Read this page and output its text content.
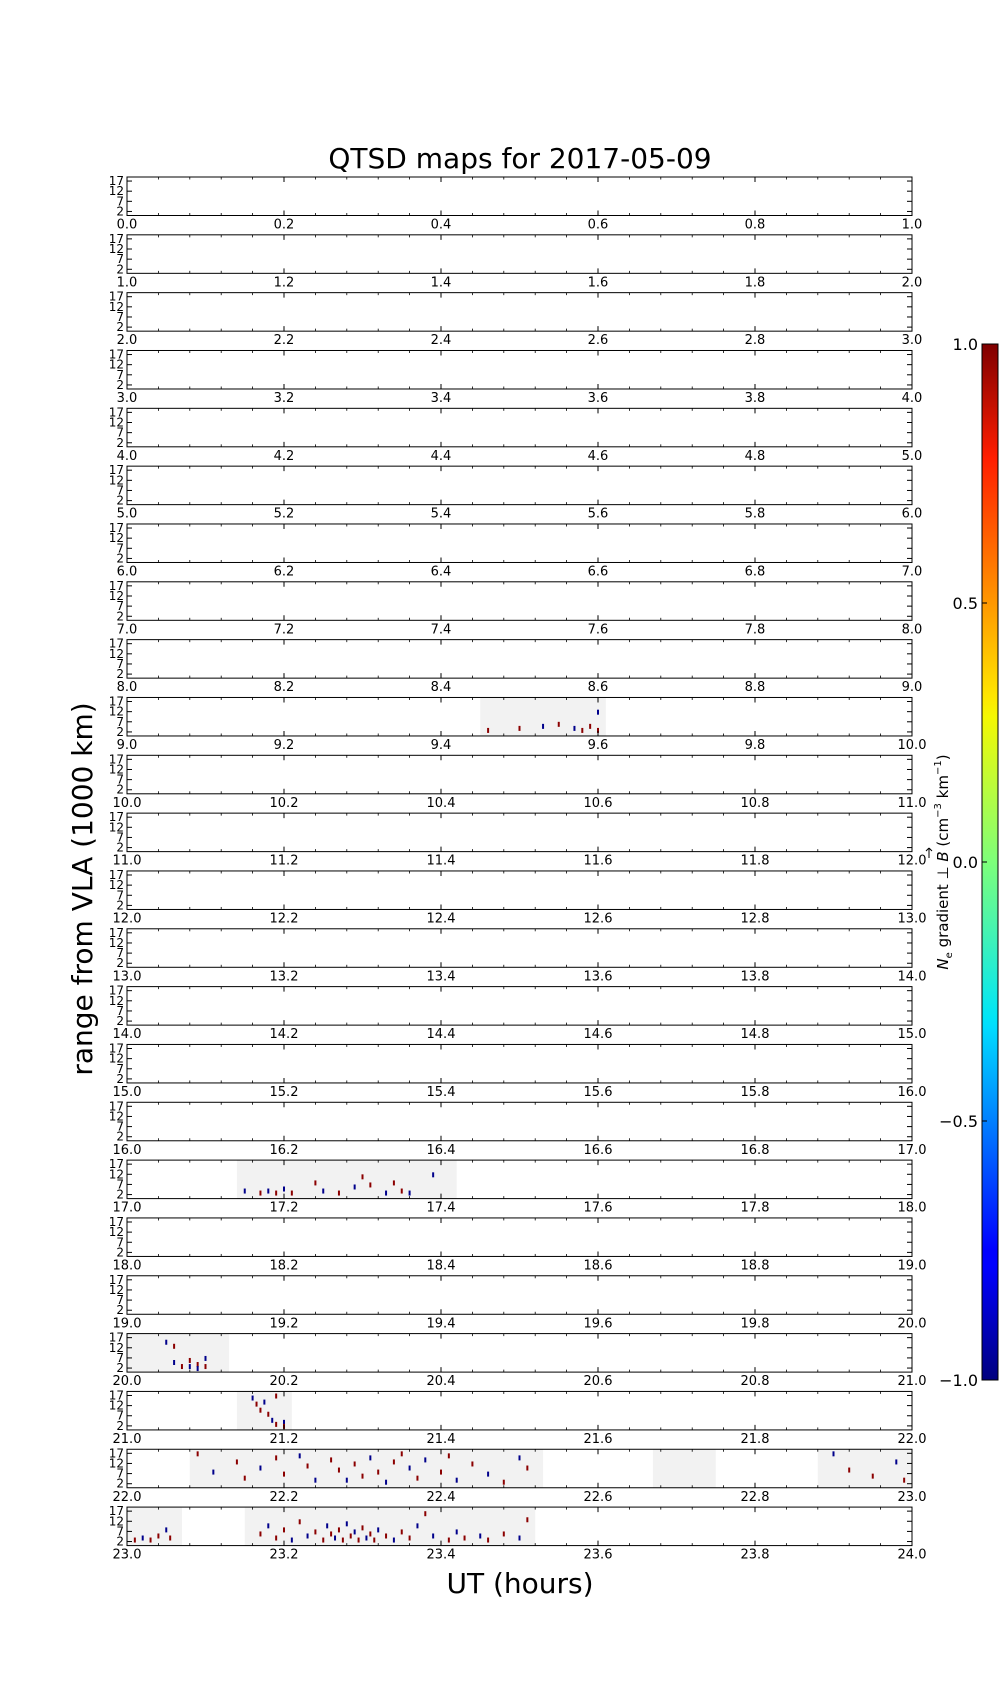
QTSD maps for 2017-05-09
0.0	0.2	0.4	0.6	0.8	1.0
17
12
7
2
1.0	1.2	1.4	1.6	1.8	2.0
17
12
7
2
2.0	2.2	2.4	2.6	2.8	3.0
17
12
7
2
3.0	3.2	3.4	3.6	3.8	4.0
17
12
7
2
4.0	4.2	4.4	4.6	4.8	5.0
17
12
7
2
5.0	5.2	5.4	5.6	5.8	6.0
17
12
7
2
6.0	6.2	6.4	6.6	6.8	7.0
17
12
7
2
7.0	7.2	7.4	7.6	7.8	8.0
17
12
7
2
8.0	8.2	8.4	8.6	8.8	9.0
17
12
7
2
9.0	9.2	9.4	9.6	9.8	10.0
17
12
7
2
10.0	10.2	10.4	10.6	10.8	11.0
17
12
7
2
11.0	11.2	11.4	11.6	11.8	12.0
17
12
7
2
12.0	12.2	12.4	12.6	12.8	13.0
17
12
7
2
13.0	13.2	13.4	13.6	13.8	14.0
17
12
7
2
14.0	14.2	14.4	14.6	14.8	15.0
17
12
7
2
15.0	15.2	15.4	15.6	15.8	16.0
17
12
7
2
16.0	16.2	16.4	16.6	16.8	17.0
17
12
7
2
17.0	17.2	17.4	17.6	17.8	18.0
17
12
7
2
18.0	18.2	18.4	18.6	18.8	19.0
17
12
7
2
19.0	19.2	19.4	19.6	19.8	20.0
17
12
7
2
20.0	20.2	20.4	20.6	20.8	21.0
17
12
7
2
21.0	21.2	21.4	21.6	21.8	22.0
17
12
7
2
22.0	22.2	22.4	22.6	22.8	23.0
17
12
7
2
23.0	23.2	23.4	23.6	23.8	24.0
17
12
7
2
range from VLA (1000 km)
UT (hours)
1.0
0.5
0.0
−0.5
−1.0
$N_e$ gradient ⊥ B ($cm^{-3}$ $km^{-1}$)
